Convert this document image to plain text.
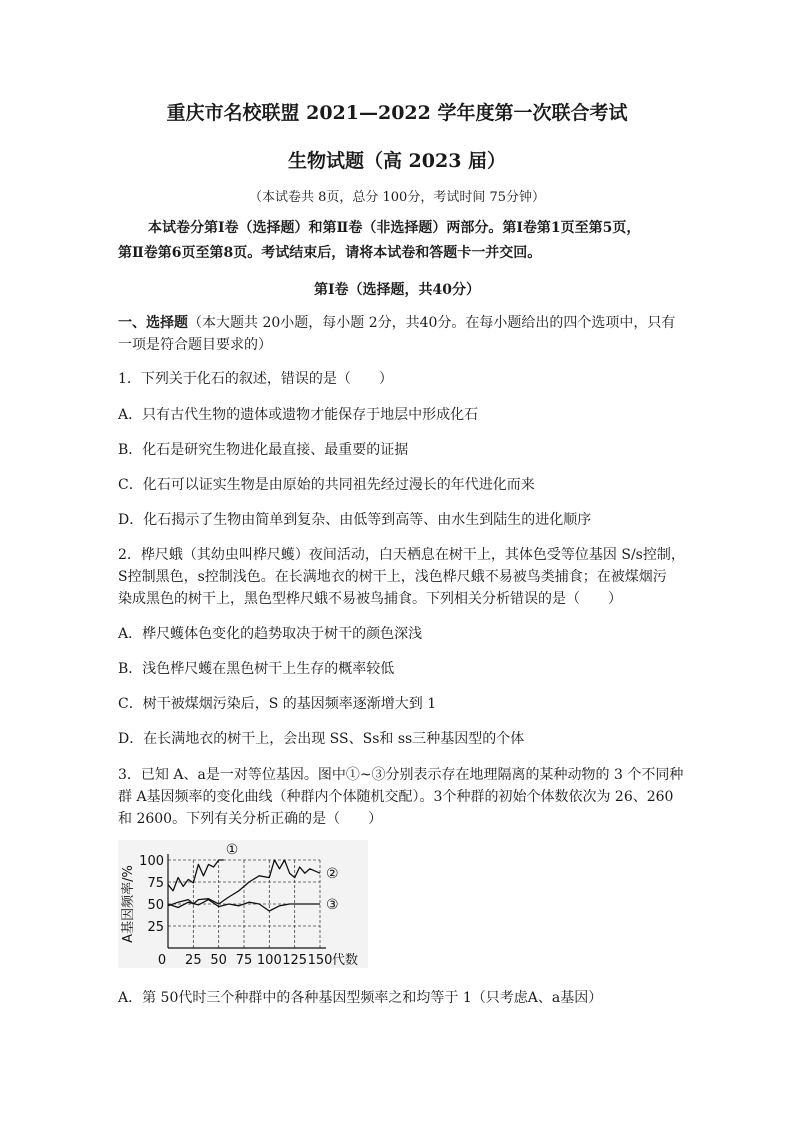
重庆市名校联盟 2021—2022 学年度第一次联合考试
生物试题（高 2023 届）
（本试卷共 8页，总分 100分，考试时间 75分钟）
本试卷分第Ⅰ卷（选择题）和第Ⅱ卷（非选择题）两部分。第Ⅰ卷第1页至第5页，
第Ⅱ卷第6页至第8页。考试结束后，请将本试卷和答题卡一并交回。
第Ⅰ卷（选择题，共40分）
一、选择题（本大题共 20小题，每小题 2分，共40分。在每小题给出的四个选项中，只有
一项是符合题目要求的）
1．下列关于化石的叙述，错误的是（　　）
A．只有古代生物的遗体或遗物才能保存于地层中形成化石
B．化石是研究生物进化最直接、最重要的证据
C．化石可以证实生物是由原始的共同祖先经过漫长的年代进化而来
D．化石揭示了生物由简单到复杂、由低等到高等、由水生到陆生的进化顺序
2．桦尺蛾（其幼虫叫桦尺蠖）夜间活动，白天栖息在树干上，其体色受等位基因 S/s控制，
S控制黑色，s控制浅色。在长满地衣的树干上，浅色桦尺蛾不易被鸟类捕食；在被煤烟污
染成黑色的树干上，黑色型桦尺蛾不易被鸟捕食。下列相关分析错误的是（　　）
A．桦尺蠖体色变化的趋势取决于树干的颜色深浅
B．浅色桦尺蠖在黑色树干上生存的概率较低
C．树干被煤烟污染后，S 的基因频率逐渐增大到 1
D．在长满地衣的树干上，会出现 SS、Ss和 ss三种基因型的个体
3．已知 A、a是一对等位基因。图中①~③分别表示存在地理隔离的某种动物的 3 个不同种
群 A基因频率的变化曲线（种群内个体随机交配）。3个种群的初始个体数依次为 26、260
和 2600。下列有关分析正确的是（　　）
25
50
75
100
0 25 50 75 100 125 150
A基因频率/%
代数
①
②
③
A．第 50代时三个种群中的各种基因型频率之和均等于 1（只考虑A、a基因）
